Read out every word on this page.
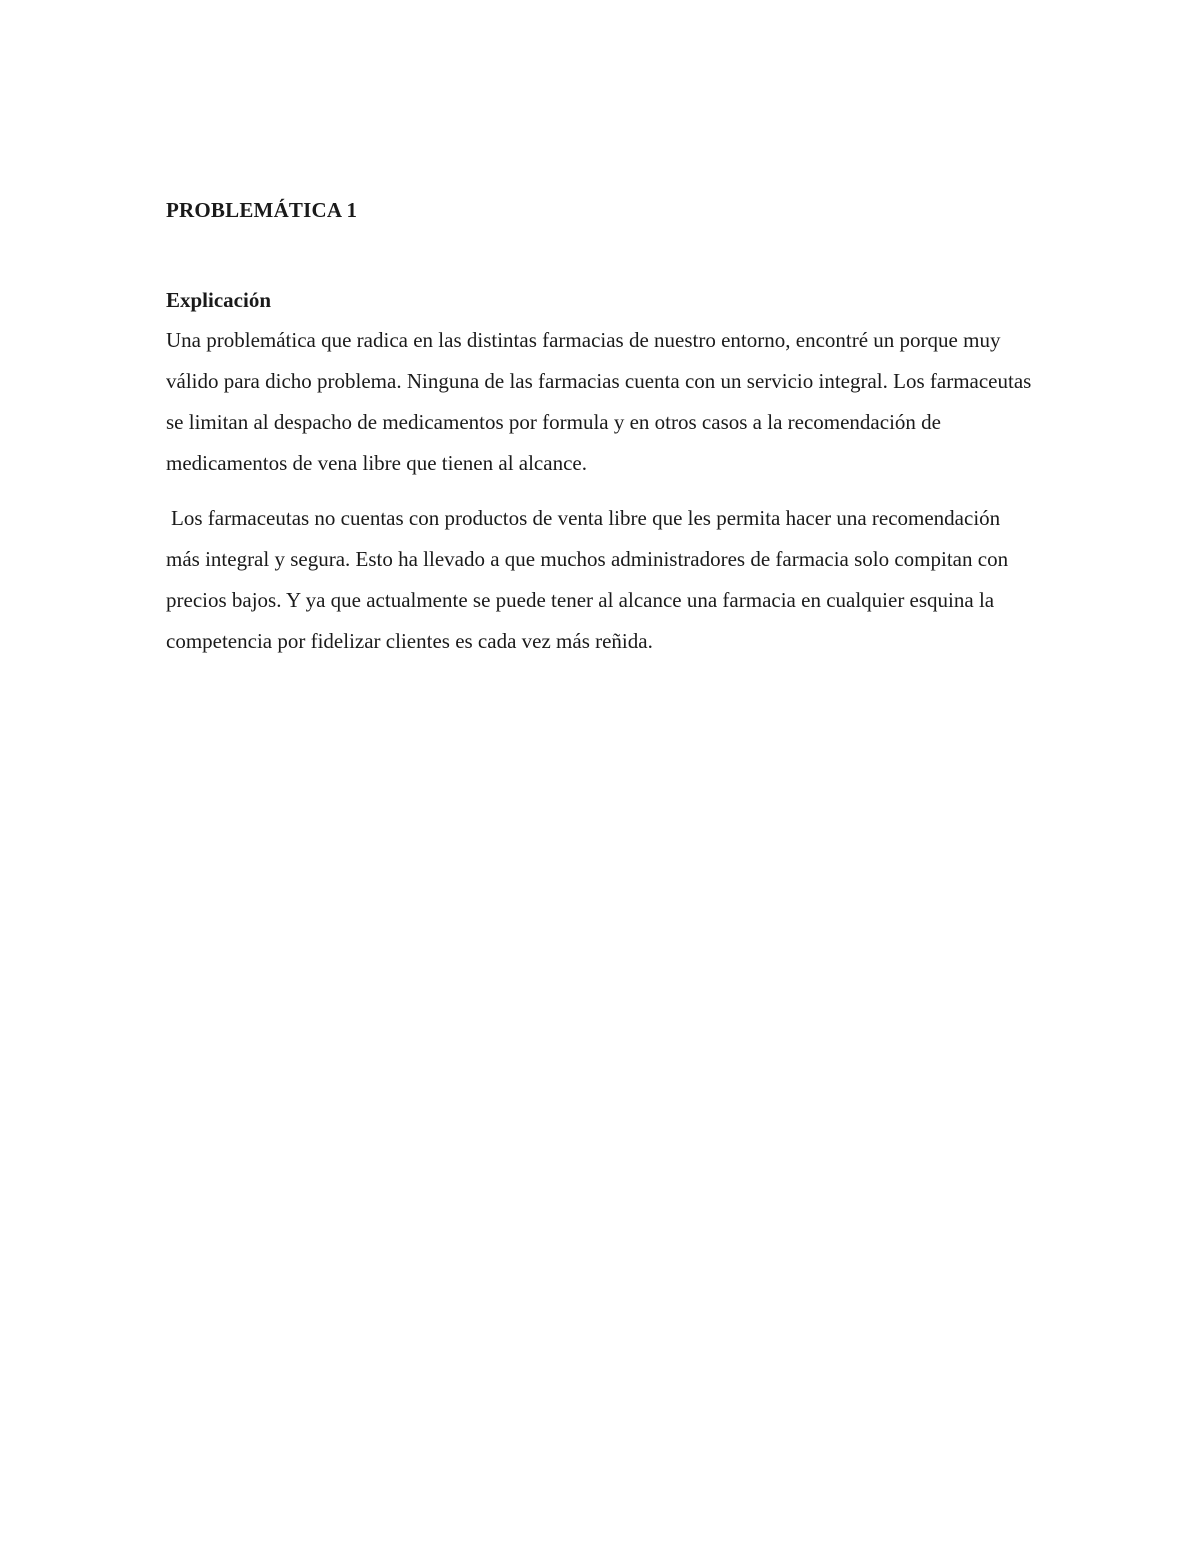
PROBLEMÁTICA 1
Explicación

Una problemática que radica en las distintas farmacias de nuestro entorno, encontré un porque muy válido para dicho problema. Ninguna de las farmacias cuenta con un servicio integral. Los farmaceutas se limitan al despacho de medicamentos por formula y en otros casos a la recomendación de medicamentos de vena libre que tienen al alcance.

Los farmaceutas no cuentas con productos de venta libre que les permita hacer una recomendación más integral y segura. Esto ha llevado a que muchos administradores de farmacia solo compitan con precios bajos. Y ya que actualmente se puede tener al alcance una farmacia en cualquier esquina la competencia por fidelizar clientes es cada vez más reñida.
